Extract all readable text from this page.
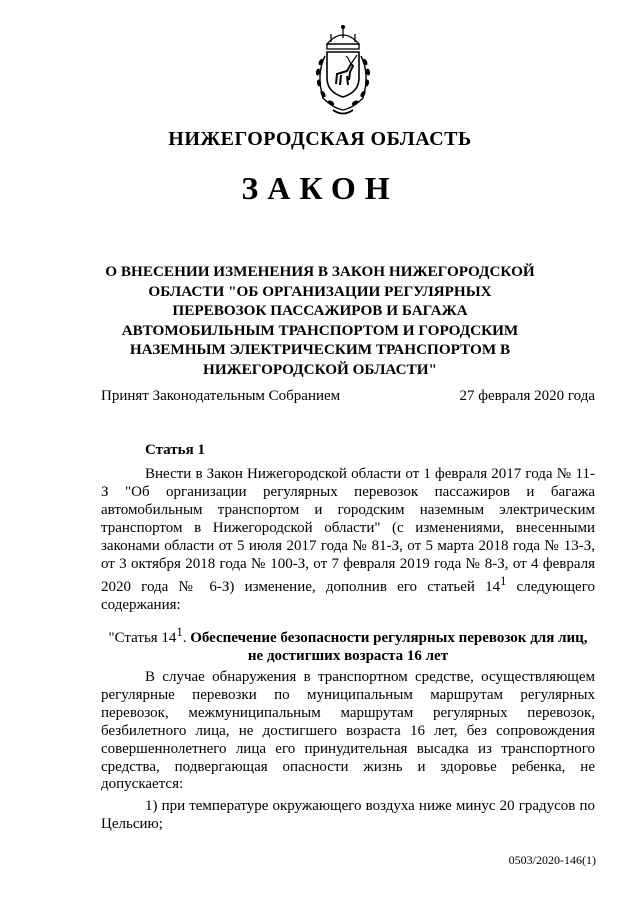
НИЖЕГОРОДСКАЯ ОБЛАСТЬ
ЗАКОН
О ВНЕСЕНИИ ИЗМЕНЕНИЯ В ЗАКОН НИЖЕГОРОДСКОЙ ОБЛАСТИ "ОБ ОРГАНИЗАЦИИ РЕГУЛЯРНЫХ ПЕРЕВОЗОК ПАССАЖИРОВ И БАГАЖА АВТОМОБИЛЬНЫМ ТРАНСПОРТОМ И ГОРОДСКИМ НАЗЕМНЫМ ЭЛЕКТРИЧЕСКИМ ТРАНСПОРТОМ В НИЖЕГОРОДСКОЙ ОБЛАСТИ"
Принят Законодательным Собранием	27 февраля 2020 года
Статья 1
Внести в Закон Нижегородской области от 1 февраля 2017 года № 11-З "Об организации регулярных перевозок пассажиров и багажа автомобильным транспортом и городским наземным электрическим транспортом в Нижегородской области" (с изменениями, внесенными законами области от 5 июля 2017 года № 81-З, от 5 марта 2018 года № 13-З, от 3 октября 2018 года № 100-З, от 7 февраля 2019 года № 8-З, от 4 февраля 2020 года № 6-З) изменение, дополнив его статьей $14^1$ следующего содержания:
"Статья $14^1$. Обеспечение безопасности регулярных перевозок для лиц, не достигших возраста 16 лет
В случае обнаружения в транспортном средстве, осуществляющем регулярные перевозки по муниципальным маршрутам регулярных перевозок, межмуниципальным маршрутам регулярных перевозок, безбилетного лица, не достигшего возраста 16 лет, без сопровождения совершеннолетнего лица его принудительная высадка из транспортного средства, подвергающая опасности жизнь и здоровье ребенка, не допускается:
1) при температуре окружающего воздуха ниже минус 20 градусов по Цельсию;
0503/2020-146(1)
